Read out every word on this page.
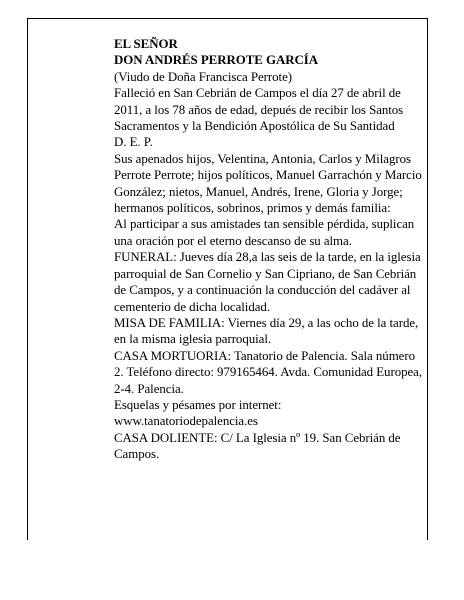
EL SEÑOR

DON ANDRÉS PERROTE GARCÍA

(Viudo de Doña Francisca Perrote)

Falleció en San Cebrián de Campos el día 27 de abril de 2011, a los 78 años de edad, depués de recibir los Santos Sacramentos y la Bendición Apostólica de Su Santidad

D. E. P.

Sus apenados hijos, Velentina, Antonia, Carlos y Milagros Perrote Perrote; hijos políticos, Manuel Garrachón y Marcio González; nietos, Manuel, Andrés, Irene, Gloria y Jorge; hermanos políticos, sobrinos, primos y demás familia:

Al participar a sus amistades tan sensible pérdida, suplican una oración por el eterno descanso de su alma.

FUNERAL: Jueves día 28,a las seis de la tarde, en la iglesia parroquial de San Cornelio y San Cipriano, de San Cebrián de Campos, y a continuación la conducción del cadáver al cementerio de dicha localidad.

MISA DE FAMILIA: Viernes día 29, a las ocho de la tarde, en la misma iglesia parroquial.

CASA MORTUORIA: Tanatorio de Palencia. Sala número 2. Teléfono directo: 979165464. Avda. Comunidad Europea, 2-4. Palencia.

Esquelas y pésames por internet: www.tanatoriodepalencia.es

CASA DOLIENTE: C/ La Iglesia nº 19. San Cebrián de Campos.
